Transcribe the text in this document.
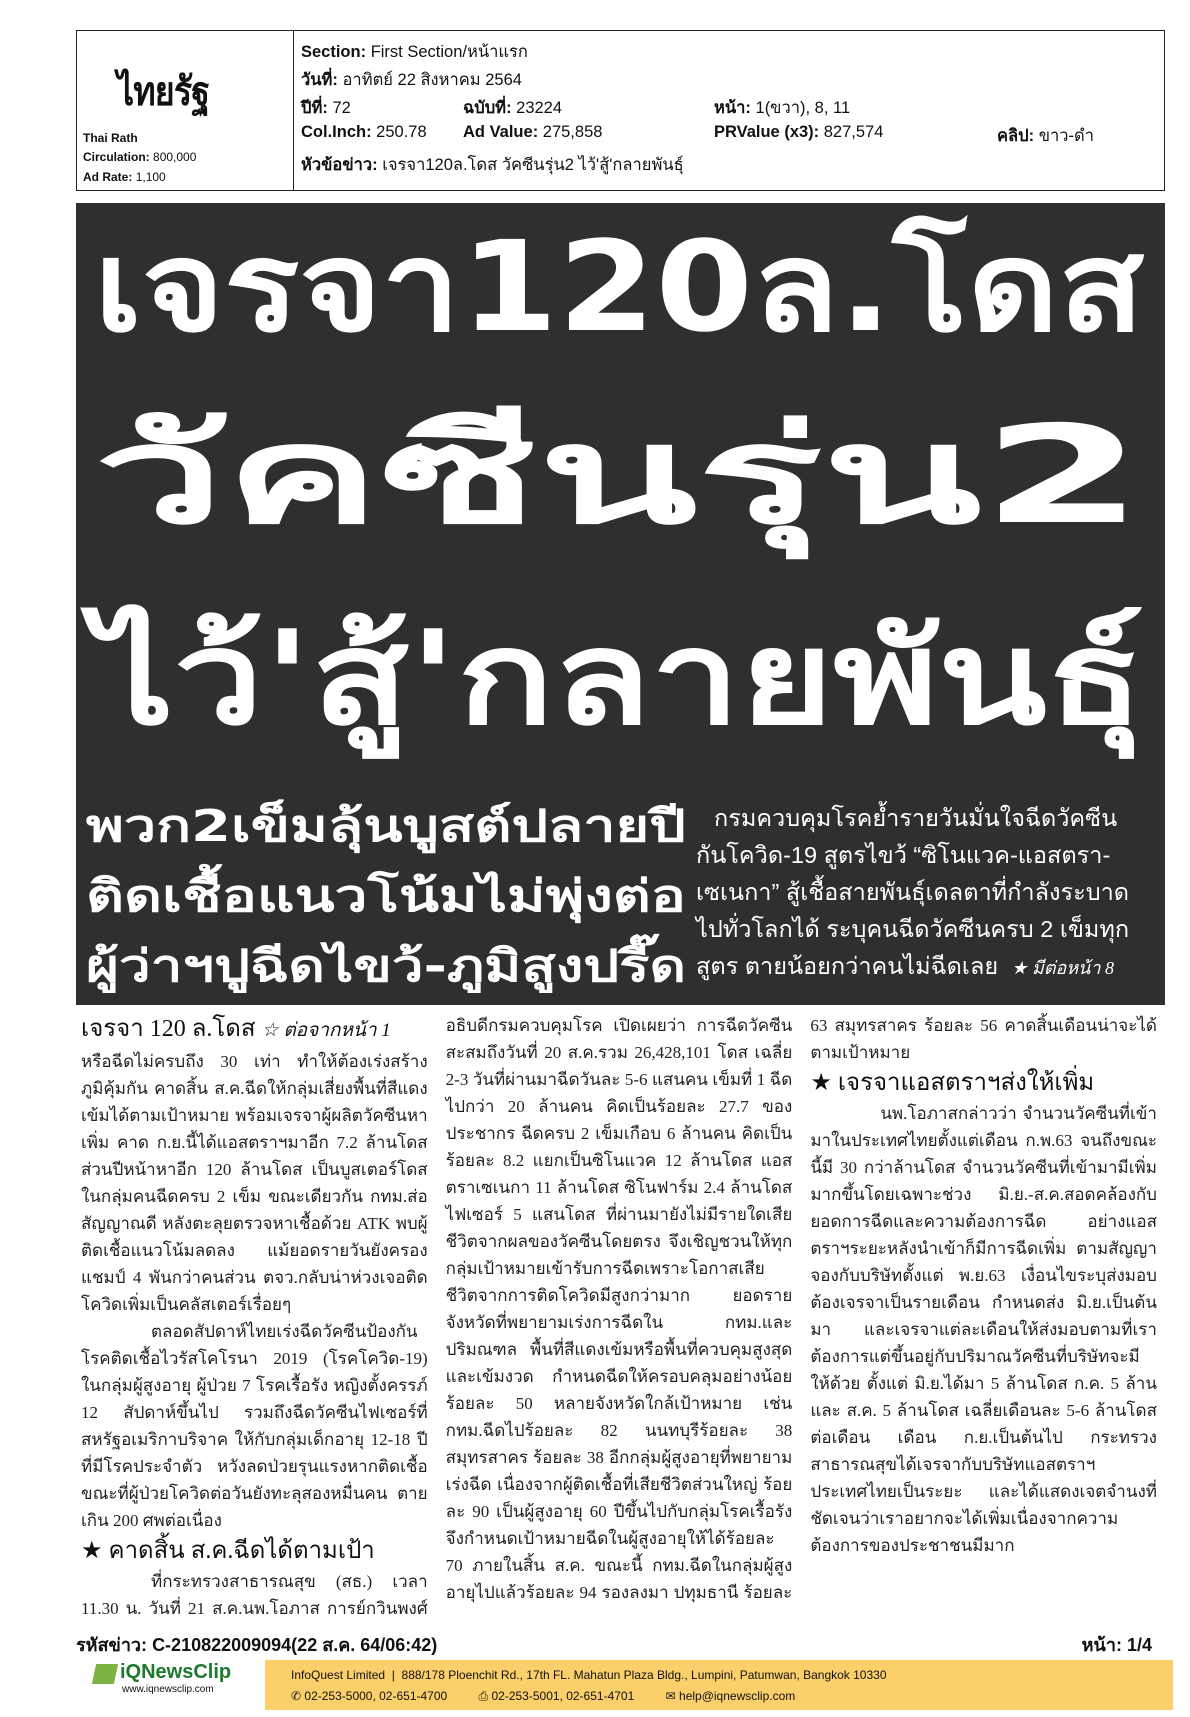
ไทยรัฐ
Thai Rath
Circulation: 800,000
Ad Rate: 1,100
Section: First Section/หน้าแรก
วันที่: อาทิตย์ 22 สิงหาคม 2564
ปีที่: 72	ฉบับที่: 23224	หน้า: 1(ขวา), 8, 11
Col.Inch: 250.78 Ad Value: 275,858	PRValue (x3): 827,574	คลิป: ขาว-ดำ
หัวข้อข่าว: เจรจา120ล.โดส วัคซีนรุ่น2 ไว้'สู้'กลายพันธุ์
เจรจา120ล.โดส
วัคซีนรุ่น2
ไว้'สู้'กลายพันธุ์
พวก2เข็มลุ้นบูสต์ปลายปี
ติดเชื้อแนวโน้มไม่พุ่งต่อ
ผู้ว่าฯปูฉีดไขว้-ภูมิสูงปรี๊ด
กรมควบคุมโรคย้ำรายวันมั่นใจฉีดวัคซีน
กันโควิด-19 สูตรไขว้ “ซิโนแวค-แอสตรา-
เซเนกา” สู้เชื้อสายพันธุ์เดลตาที่กำลังระบาด
ไปทั่วโลกได้ ระบุคนฉีดวัคซีนครบ 2 เข็มทุก
สูตร ตายน้อยกว่าคนไม่ฉีดเลย ★ มีต่อหน้า 8
เจรจา 120 ล.โดส ☆ ต่อจากหน้า 1

หรือฉีดไม่ครบถึง 30 เท่า ทำให้ต้องเร่งสร้างภูมิคุ้มกัน คาดสิ้น ส.ค.ฉีดให้กลุ่มเสี่ยงพื้นที่สีแดงเข้มได้ตามเป้าหมาย พร้อมเจรจาผู้ผลิตวัคซีนหาเพิ่ม คาด ก.ย.นี้ได้แอสตราฯมาอีก 7.2 ล้านโดส ส่วนปีหน้าหาอีก 120 ล้านโดส เป็นบูสเตอร์โดสในกลุ่มคนฉีดครบ 2 เข็ม ขณะเดียวกัน กทม.ส่อสัญญาณดี หลังตะลุยตรวจหาเชื้อด้วย ATK พบผู้ติดเชื้อแนวโน้มลดลง แม้ยอดรายวันยังครองแชมป์ 4 พันกว่าคนส่วน ตจว.กลับน่าห่วงเจอติดโควิดเพิ่มเป็นคลัสเตอร์เรื่อยๆ

ตลอดสัปดาห์ไทยเร่งฉีดวัคซีนป้องกันโรคติดเชื้อไวรัสโคโรนา 2019 (โรคโควิด-19) ในกลุ่มผู้สูงอายุ ผู้ป่วย 7 โรคเรื้อรัง หญิงตั้งครรภ์ 12 สัปดาห์ขึ้นไป รวมถึงฉีดวัคซีนไฟเซอร์ที่สหรัฐอเมริกาบริจาค ให้กับกลุ่มเด็กอายุ 12-18 ปีที่มีโรคประจำตัว หวังลดป่วยรุนแรงหากติดเชื้อ ขณะที่ผู้ป่วยโควิดต่อวันยังทะลุสองหมื่นคน ตายเกิน 200 ศพต่อเนื่อง

★ คาดสิ้น ส.ค.ฉีดได้ตามเป้า

ที่กระทรวงสาธารณสุข (สธ.) เวลา 11.30 น. วันที่ 21 ส.ค.นพ.โอภาส การย์กวินพงศ์ อธิบดีกรมควบคุมโรค เปิดเผยว่า การฉีดวัคซีนสะสมถึงวันที่ 20 ส.ค.รวม 26,428,101 โดส เฉลี่ย 2-3 วันที่ผ่านมาฉีดวันละ 5-6 แสนคน เข็มที่ 1 ฉีดไปกว่า 20 ล้านคน คิดเป็นร้อยละ 27.7 ของประชากร ฉีดครบ 2 เข็มเกือบ 6 ล้านคน คิดเป็นร้อยละ 8.2 แยกเป็นซิโนแวค 12 ล้านโดส แอสตราเซเนกา 11 ล้านโดส ซิโนฟาร์ม 2.4 ล้านโดส ไฟเซอร์ 5 แสนโดส ที่ผ่านมายังไม่มีรายใดเสียชีวิตจากผลของวัคซีนโดยตรง จึงเชิญชวนให้ทุกกลุ่มเป้าหมายเข้ารับการฉีดเพราะโอกาสเสียชีวิตจากการติดโควิดมีสูงกว่ามาก ยอดรายจังหวัดที่พยายามเร่งการฉีดใน กทม.และปริมณฑล พื้นที่สีแดงเข้มหรือพื้นที่ควบคุมสูงสุดและเข้มงวด กำหนดฉีดให้ครอบคลุมอย่างน้อยร้อยละ 50 หลายจังหวัดใกล้เป้าหมาย เช่น กทม.ฉีดไปร้อยละ 82 นนทบุรีร้อยละ 38 สมุทรสาคร ร้อยละ 38 อีกกลุ่มผู้สูงอายุที่พยายามเร่งฉีด เนื่องจากผู้ติดเชื้อที่เสียชีวิตส่วนใหญ่ ร้อยละ 90 เป็นผู้สูงอายุ 60 ปีขึ้นไปกับกลุ่มโรคเรื้อรัง จึงกำหนดเป้าหมายฉีดในผู้สูงอายุให้ได้ร้อยละ 70 ภายในสิ้น ส.ค. ขณะนี้ กทม.ฉีดในกลุ่มผู้สูงอายุไปแล้วร้อยละ 94 รองลงมา ปทุมธานี ร้อยละ 63 สมุทรสาคร ร้อยละ 56 คาดสิ้นเดือนน่าจะได้ตามเป้าหมาย

★ เจรจาแอสตราฯส่งให้เพิ่ม

นพ.โอภาสกล่าวว่า จำนวนวัคซีนที่เข้ามาในประเทศไทยตั้งแต่เดือน ก.พ.63 จนถึงขณะนี้มี 30 กว่าล้านโดส จำนวนวัคซีนที่เข้ามามีเพิ่มมากขึ้นโดยเฉพาะช่วง มิ.ย.-ส.ค.สอดคล้องกับยอดการฉีดและความต้องการฉีด อย่างแอสตราฯระยะหลังนำเข้าก็มีการฉีดเพิ่ม ตามสัญญาจองกับบริษัทตั้งแต่ พ.ย.63 เงื่อนไขระบุส่งมอบต้องเจรจาเป็นรายเดือน กำหนดส่ง มิ.ย.เป็นต้นมา และเจรจาแต่ละเดือนให้ส่งมอบตามที่เราต้องการแต่ขึ้นอยู่กับปริมาณวัคซีนที่บริษัทจะมีให้ด้วย ตั้งแต่ มิ.ย.ได้มา 5 ล้านโดส ก.ค. 5 ล้าน และ ส.ค. 5 ล้านโดส เฉลี่ยเดือนละ 5-6 ล้านโดสต่อเดือน เดือน ก.ย.เป็นต้นไป กระทรวงสาธารณสุขได้เจรจากับบริษัทแอสตราฯ ประเทศไทยเป็นระยะ และได้แสดงเจตจำนงที่ชัดเจนว่าเราอยากจะได้เพิ่มเนื่องจากความต้องการของประชาชนมีมาก

รหัสข่าว: C-210822009094(22 ส.ค. 64/06:42)	หน้า: 1/4
iQNewsClip
www.iqnewsclip.com
InfoQuest Limited  |  888/178 Ploenchit Rd., 17th FL. Mahatun Plaza Bldg., Lumpini, Patumwan, Bangkok 10330
✆ 02-253-5000, 02-651-4700	⎙ 02-253-5001, 02-651-4701	✉ help@iqnewsclip.com
